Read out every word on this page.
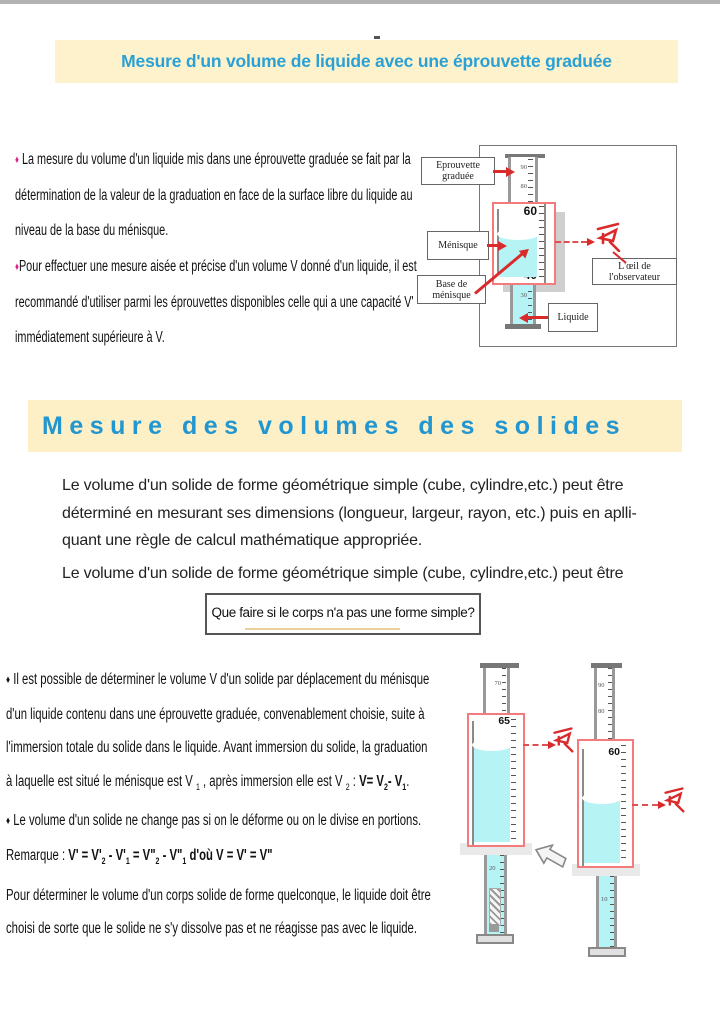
Mesure d'un volume de liquide avec une éprouvette graduée
♦ La mesure du volume d'un liquide mis dans une éprouvette graduée se fait par la
détermination de la valeur de la graduation en face de la surface libre du liquide au
niveau de la base du ménisque.
♦Pour effectuer une mesure aisée et précise d'un volume V donné d'un liquide, il est
recommandé d'utiliser parmi les éprouvettes disponibles celle qui a une capacité V'
immédiatement supérieure à V.
90
80
60
30
Eprouvette graduée
Ménisque
Base de ménisque
L'œil de l'observateur
Liquide
Mesure des volumes des solides
Le volume d'un solide de forme géométrique simple (cube, cylindre,etc.) peut être
déterminé en mesurant ses dimensions (longueur, largeur, rayon, etc.) puis en aplli-
quant une règle de calcul mathématique appropriée.
Le volume d'un solide de forme géométrique simple (cube, cylindre,etc.) peut être
Que faire si le corps n'a pas une forme simple?
♦ Il est possible de déterminer le volume V d'un solide par déplacement du ménisque
d'un liquide contenu dans une éprouvette graduée, convenablement choisie, suite à
l'immersion totale du solide dans le liquide. Avant immersion du solide, la graduation
à laquelle est situé le ménisque est V $_1$ , après immersion elle est V $_2$ : $V= V_2-$ $V_1$.
♦ Le volume d'un solide ne change pas si on le déforme ou on le divise en portions.
Remarque : $V' = V'_2 - V'_1$ = $V"_2$ - $V"_1$ d'où V = V' = V"
Pour déterminer le volume d'un corps solide de forme quelconque, le liquide doit être
choisi de sorte que le solide ne s'y dissolve pas et ne réagisse pas avec le liquide.
70
65
20
90
80
60
10
